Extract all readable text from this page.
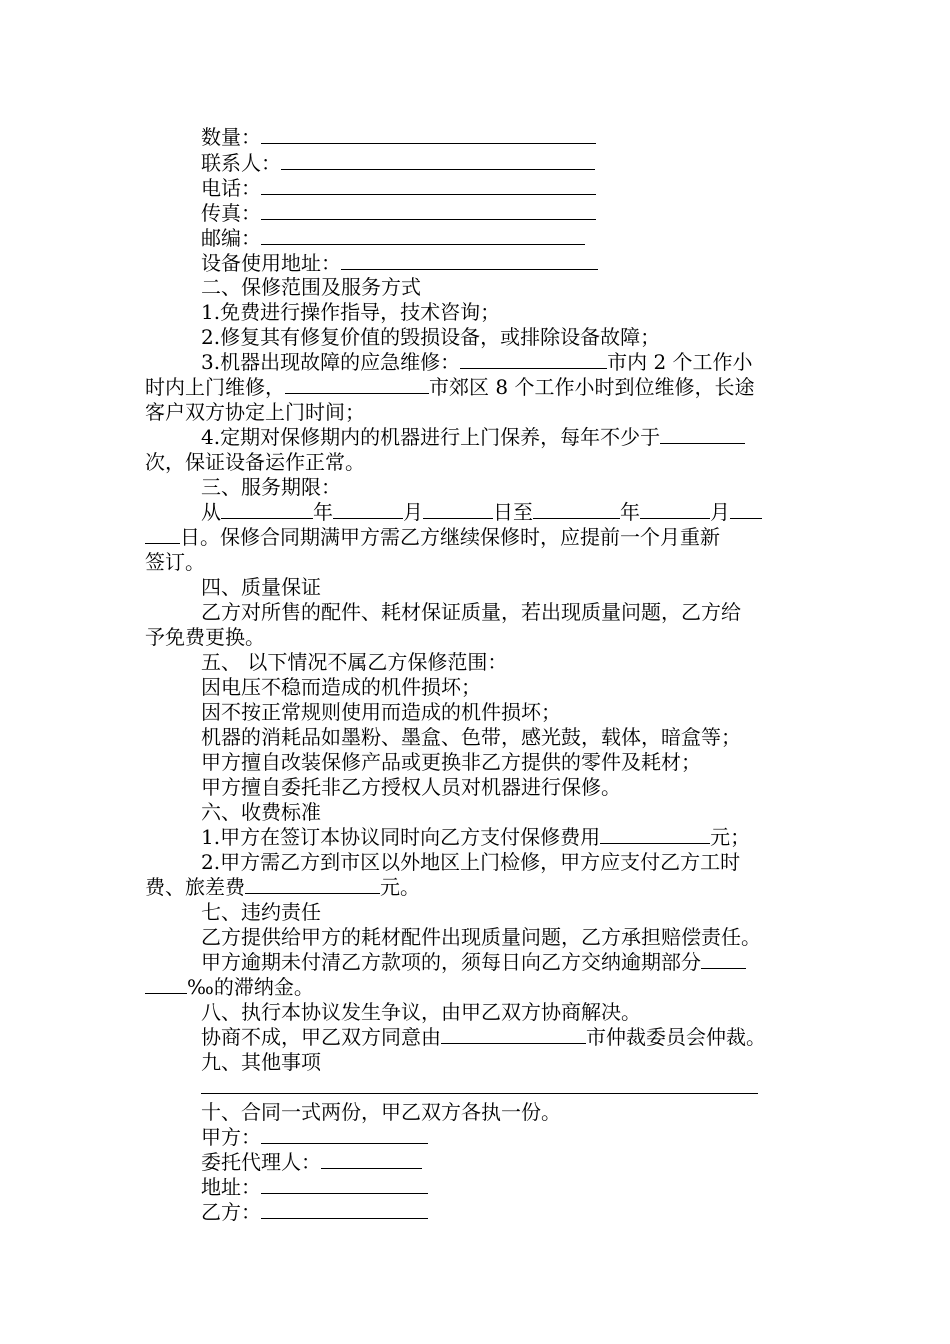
数量：
联系人：
电话：
传真：
邮编：
设备使用地址：
二、保修范围及服务方式
1.免费进行操作指导，技术咨询；
2.修复其有修复价值的毁损设备，或排除设备故障；
3.机器出现故障的应急维修：	市内 2 个工作小
时内上门维修，	市郊区 8 个工作小时到位维修，长途
客户双方协定上门时间；
4.定期对保修期内的机器进行上门保养，每年不少于
次，保证设备运作正常。
三、服务期限：
从	年	月	日至	年	月
日。保修合同期满甲方需乙方继续保修时，应提前一个月重新
签订。
四、质量保证
乙方对所售的配件、耗材保证质量，若出现质量问题，乙方给
予免费更换。
五、 以下情况不属乙方保修范围：
因电压不稳而造成的机件损坏；
因不按正常规则使用而造成的机件损坏；
机器的消耗品如墨粉、墨盒、色带，感光鼓，载体，暗盒等；
甲方擅自改装保修产品或更换非乙方提供的零件及耗材；
甲方擅自委托非乙方授权人员对机器进行保修。
六、收费标准
1.甲方在签订本协议同时向乙方支付保修费用	元；
2.甲方需乙方到市区以外地区上门检修，甲方应支付乙方工时
费、旅差费	元。
七、违约责任
乙方提供给甲方的耗材配件出现质量问题，乙方承担赔偿责任。
甲方逾期未付清乙方款项的，须每日向乙方交纳逾期部分
‰的滞纳金。
八、执行本协议发生争议，由甲乙双方协商解决。
协商不成，甲乙双方同意由	市仲裁委员会仲裁。
九、其他事项
十、合同一式两份，甲乙双方各执一份。
甲方：
委托代理人：
地址：
乙方：
